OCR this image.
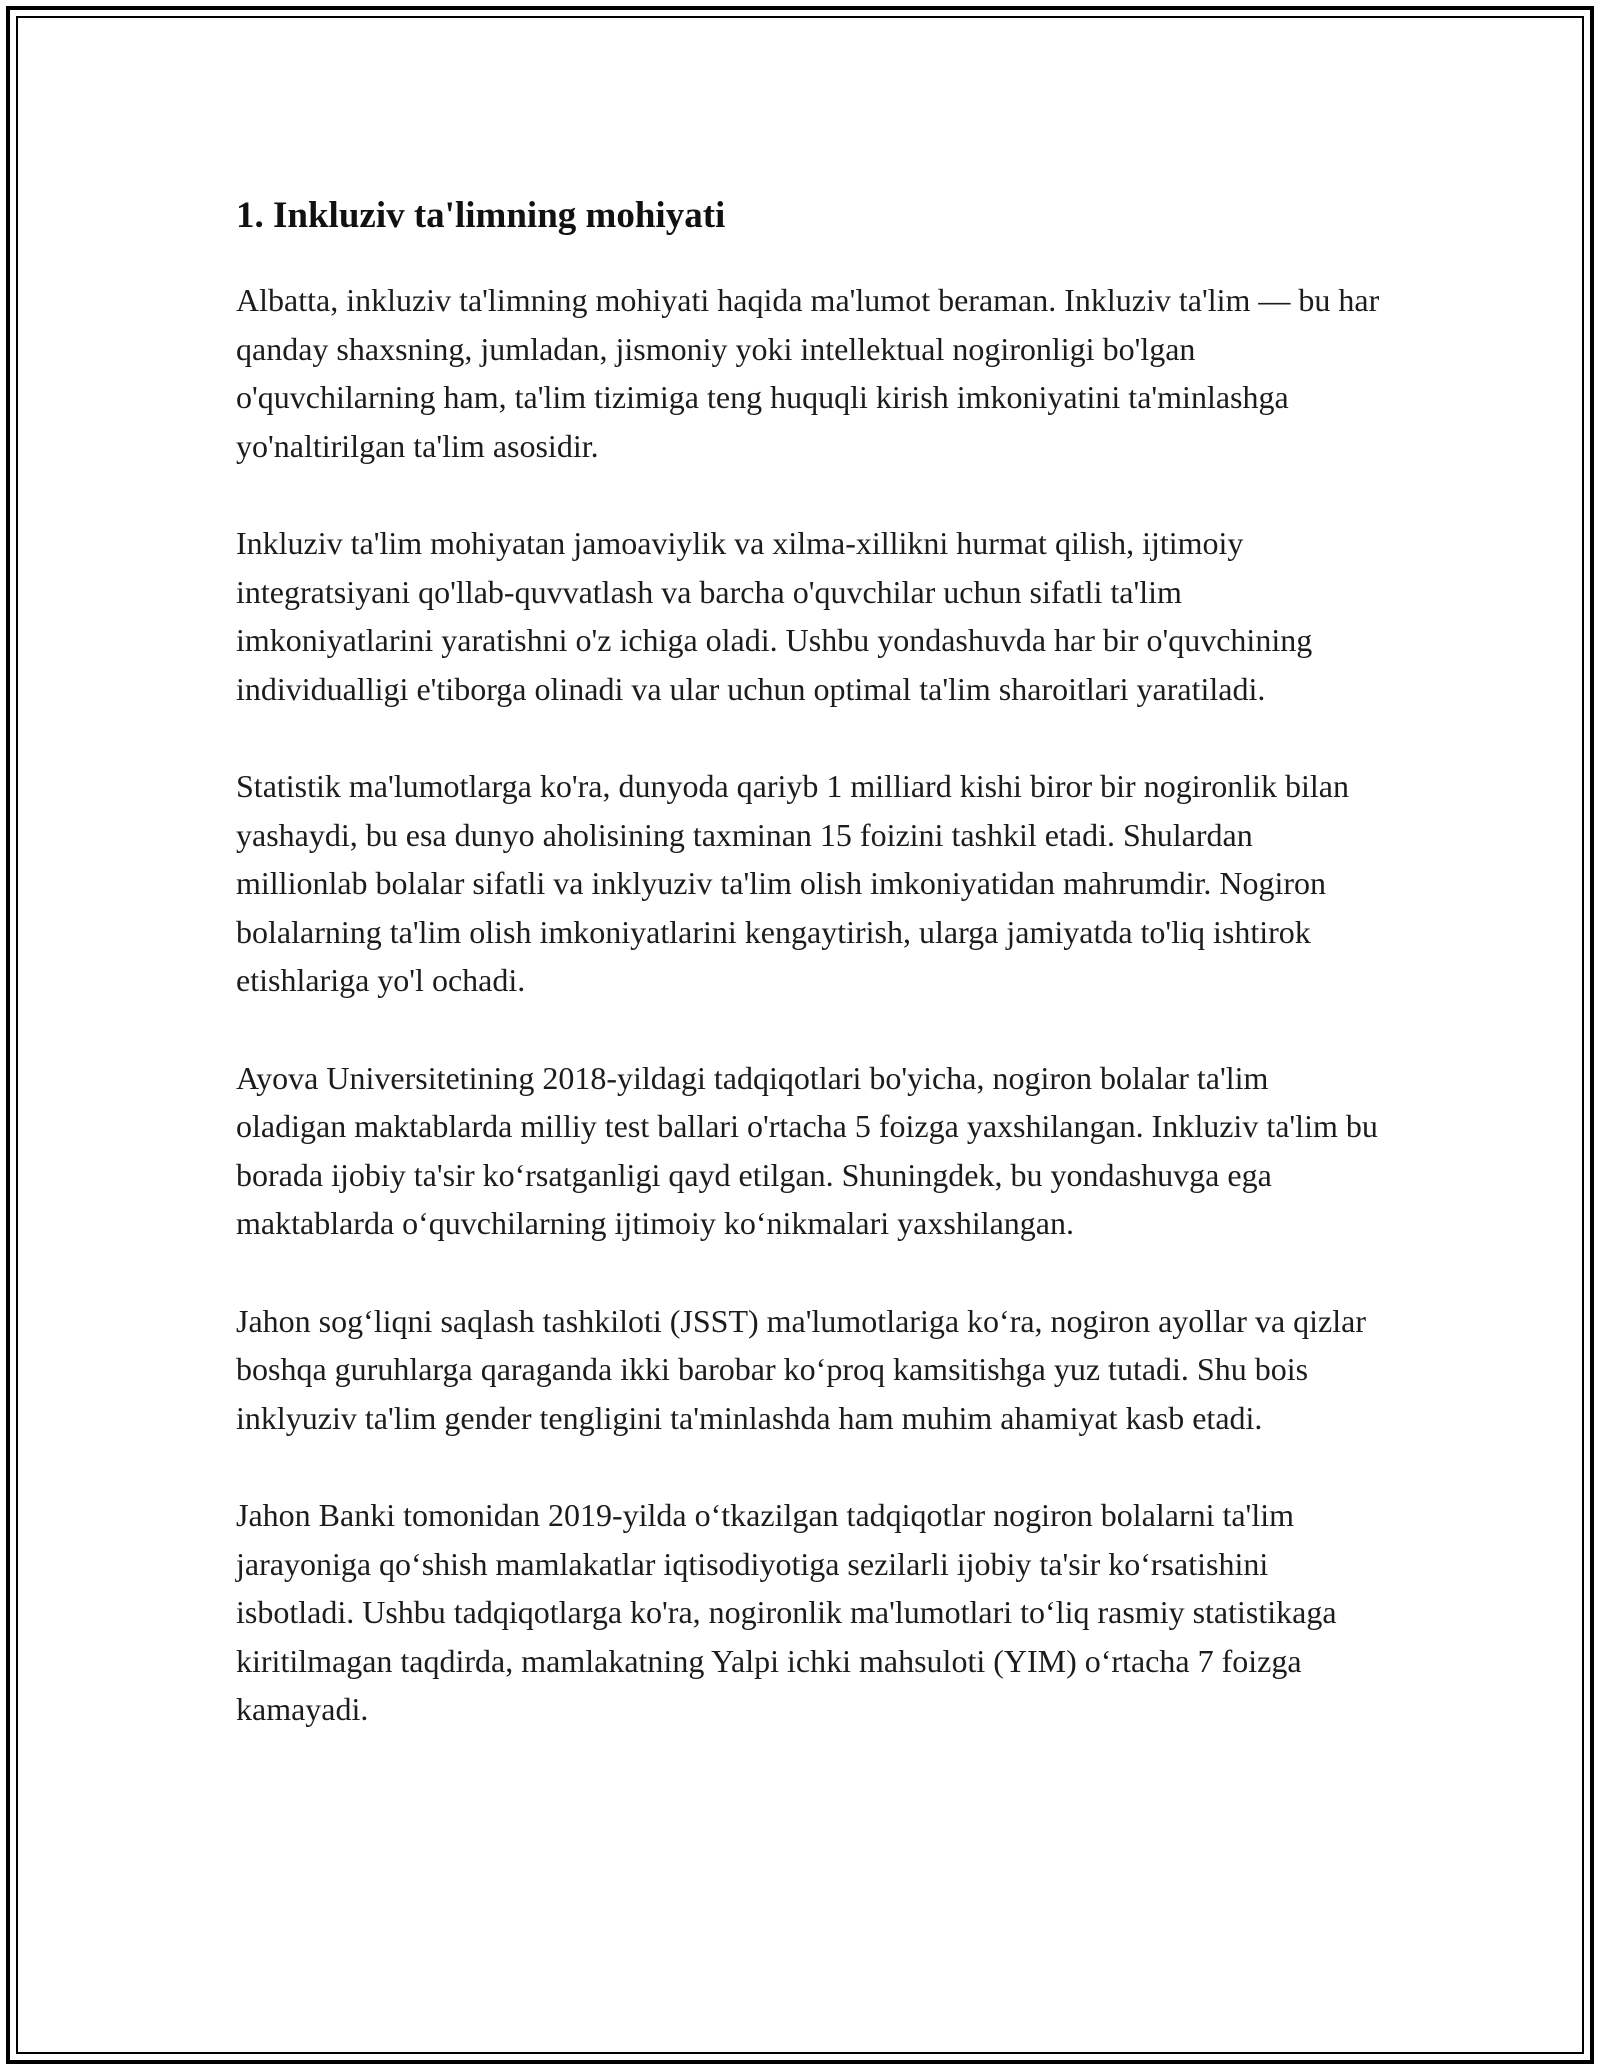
1. Inkluziv ta'limning mohiyati

Albatta, inkluziv ta'limning mohiyati haqida ma'lumot beraman. Inkluziv ta'lim — bu har qanday shaxsning, jumladan, jismoniy yoki intellektual nogironligi bo'lgan o'quvchilarning ham, ta'lim tizimiga teng huquqli kirish imkoniyatini ta'minlashga yo'naltirilgan ta'lim asosidir.

Inkluziv ta'lim mohiyatan jamoaviylik va xilma-xillikni hurmat qilish, ijtimoiy integratsiyani qo'llab-quvvatlash va barcha o'quvchilar uchun sifatli ta'lim imkoniyatlarini yaratishni o'z ichiga oladi. Ushbu yondashuvda har bir o'quvchining individualligi e'tiborga olinadi va ular uchun optimal ta'lim sharoitlari yaratiladi.

Statistik ma'lumotlarga ko'ra, dunyoda qariyb 1 milliard kishi biror bir nogironlik bilan yashaydi, bu esa dunyo aholisining taxminan 15 foizini tashkil etadi. Shulardan millionlab bolalar sifatli va inklyuziv ta'lim olish imkoniyatidan mahrumdir. Nogiron bolalarning ta'lim olish imkoniyatlarini kengaytirish, ularga jamiyatda to'liq ishtirok etishlariga yo'l ochadi.

Ayova Universitetining 2018-yildagi tadqiqotlari bo'yicha, nogiron bolalar ta'lim oladigan maktablarda milliy test ballari o'rtacha 5 foizga yaxshilangan. Inkluziv ta'lim bu borada ijobiy ta'sir ko‘rsatganligi qayd etilgan. Shuningdek, bu yondashuvga ega maktablarda o‘quvchilarning ijtimoiy ko‘nikmalari yaxshilangan.

Jahon sog‘liqni saqlash tashkiloti (JSST) ma'lumotlariga ko‘ra, nogiron ayollar va qizlar boshqa guruhlarga qaraganda ikki barobar ko‘proq kamsitishga yuz tutadi. Shu bois inklyuziv ta'lim gender tengligini ta'minlashda ham muhim ahamiyat kasb etadi.

Jahon Banki tomonidan 2019-yilda o‘tkazilgan tadqiqotlar nogiron bolalarni ta'lim jarayoniga qo‘shish mamlakatlar iqtisodiyotiga sezilarli ijobiy ta'sir ko‘rsatishini isbotladi. Ushbu tadqiqotlarga ko'ra, nogironlik ma'lumotlari to‘liq rasmiy statistikaga kiritilmagan taqdirda, mamlakatning Yalpi ichki mahsuloti (YIM) o‘rtacha 7 foizga kamayadi.
